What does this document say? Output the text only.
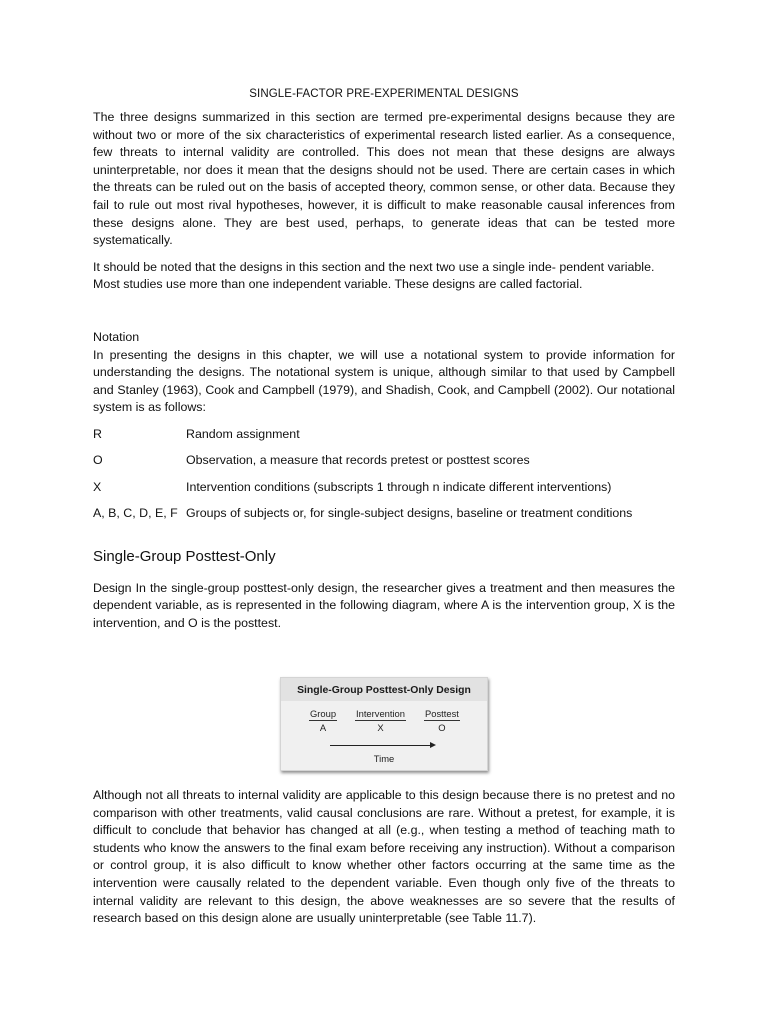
SINGLE-FACTOR PRE-EXPERIMENTAL DESIGNS

The three designs summarized in this section are termed pre-experimental designs because they are without two or more of the six characteristics of experimental research listed earlier. As a consequence, few threats to internal validity are controlled. This does not mean that these designs are always uninterpretable, nor does it mean that the designs should not be used. There are certain cases in which the threats can be ruled out on the basis of accepted theory, common sense, or other data. Because they fail to rule out most rival hypotheses, however, it is difficult to make reasonable causal inferences from these designs alone. They are best used, perhaps, to generate ideas that can be tested more systematically.

It should be noted that the designs in this section and the next two use a single inde- pendent variable. Most studies use more than one independent variable. These designs are called factorial.

Notation

In presenting the designs in this chapter, we will use a notational system to provide information for understanding the designs. The notational system is unique, although similar to that used by Campbell and Stanley (1963), Cook and Campbell (1979), and Shadish, Cook, and Campbell (2002). Our notational system is as follows:

R	Random assignment
O	Observation, a measure that records pretest or posttest scores
X	Intervention conditions (subscripts 1 through n indicate different interventions)
A, B, C, D, E, F Groups of subjects or, for single-subject designs, baseline or treatment conditions
Single-Group Posttest-Only

Design In the single-group posttest-only design, the researcher gives a treatment and then measures the dependent variable, as is represented in the following diagram, where A is the intervention group, X is the intervention, and O is the posttest.

Single-Group Posttest-Only Design
Group
A
Intervention
X
Posttest
O
Time

Although not all threats to internal validity are applicable to this design because there is no pretest and no comparison with other treatments, valid causal conclusions are rare. Without a pretest, for example, it is difficult to conclude that behavior has changed at all (e.g., when testing a method of teaching math to students who know the answers to the final exam before receiving any instruction). Without a comparison or control group, it is also difficult to know whether other factors occurring at the same time as the intervention were causally related to the dependent variable. Even though only five of the threats to internal validity are relevant to this design, the above weaknesses are so severe that the results of research based on this design alone are usually uninterpretable (see Table 11.7).
